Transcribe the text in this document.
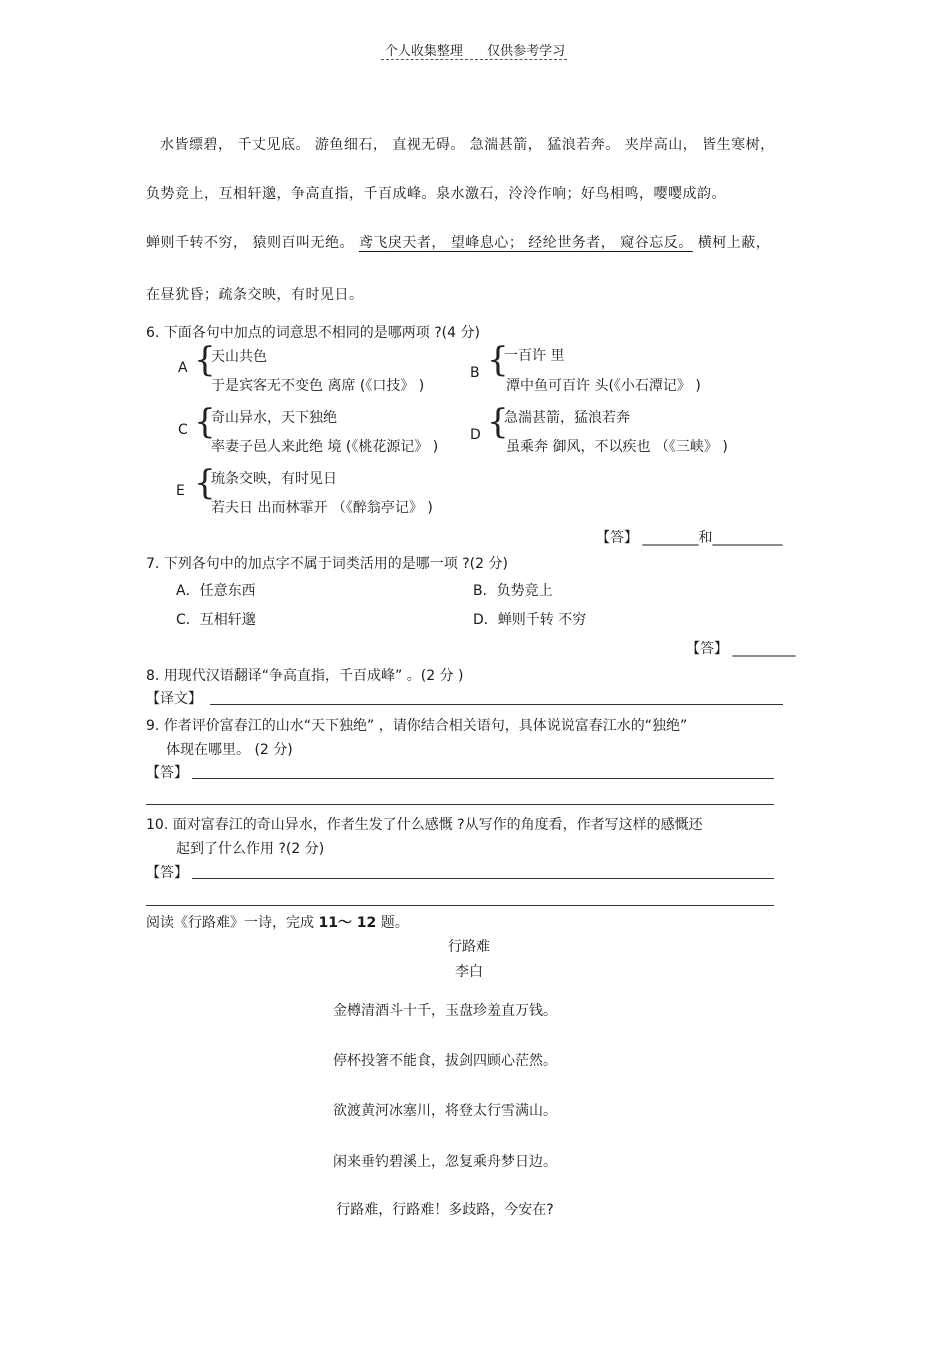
个人收集整理 仅供参考学习
水皆缥碧， 千丈见底。 游鱼细石， 直视无碍。 急湍甚箭， 猛浪若奔。 夹岸高山， 皆生寒树，
负势竞上，互相轩邈，争高直指，千百成峰。泉水激石，泠泠作响；好鸟相鸣，嘤嘤成韵。
蝉则千转不穷， 猿则百叫无绝。 鸢飞戾天者， 望峰息心； 经纶世务者， 窥谷忘反。 横柯上蔽，
在昼犹昏；疏条交映，有时见日。
6. 下面各句中加点的词意思不相同的是哪两项 ?(4 分)
A {
天山共色
于是宾客无不变色 离席 (《口技》 )
B {
一百许 里
潭中鱼可百许 头(《小石潭记》 )
C {
奇山异水，天下独绝
率妻子邑人来此绝 境 (《桃花源记》 )
D {
急湍甚箭，猛浪若奔
虽乘奔 御风，不以疾也 （《三峡》 )
E {
琉条交映，有时见日
若夫日 出而林霏开 （《醉翁亭记》 )
【答】 ________和__________
7. 下列各句中的加点字不属于词类活用的是哪一项 ?(2 分)
A．任意东西	B．负势竞上
C．互相轩邈	D．蝉则千转 不穷
【答】 _________
8. 用现代汉语翻译“争高直指，千百成峰” 。(2 分 )
【译文】
9. 作者评价富春江的山水“天下独绝” ，请你结合相关语句，具体说说富春江水的“独绝”
体现在哪里。 (2 分)
【答】
10. 面对富春江的奇山异水，作者生发了什么感慨 ?从写作的角度看，作者写这样的感慨还
起到了什么作用 ?(2 分)
【答】
阅读《行路难》一诗，完成 11～ 12 题。
行路难
李白
金樽清酒斗十千，玉盘珍羞直万钱。
停杯投箸不能食，拔剑四顾心茫然。
欲渡黄河冰塞川，将登太行雪满山。
闲来垂钓碧溪上，忽复乘舟梦日边。
行路难，行路难！多歧路，今安在?
